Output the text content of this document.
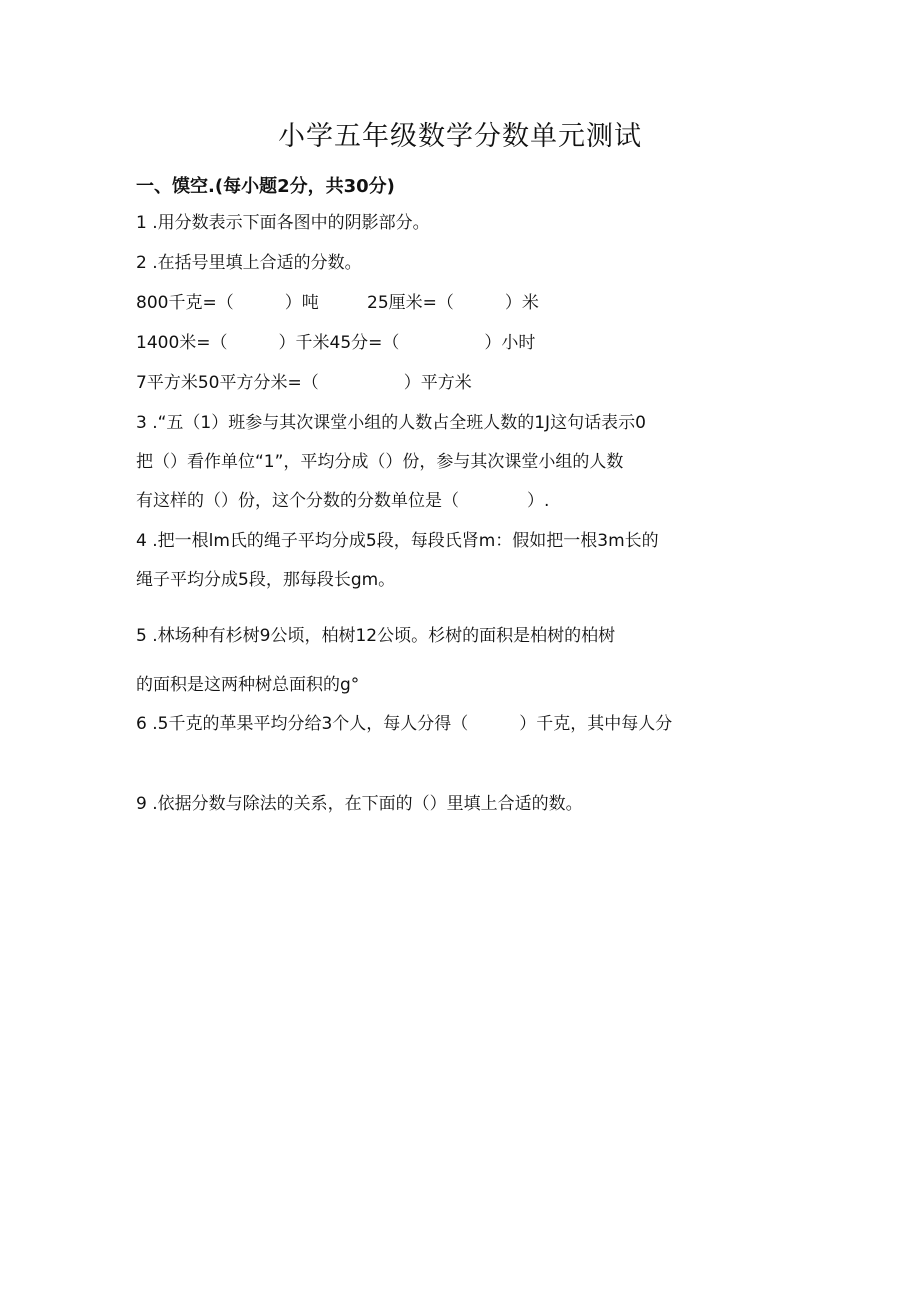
小学五年级数学分数单元测试
一、馍空.(每小题2分，共30分)
1 .用分数表示下面各图中的阴影部分。
2 .在括号里填上合适的分数。
800千克=（　　　）吨	25厘米=（　　　）米
1400米=（　　　）千米45分=（　　　　　）小时
7平方米50平方分米=（　　　　　）平方米
3 .“五（1）班参与其次课堂小组的人数占全班人数的1J这句话表示0
把（）看作单位“1”，平均分成（）份，参与其次课堂小组的人数
有这样的（）份，这个分数的分数单位是（　　　　）.
4 .把一根lm氏的绳子平均分成5段，每段氏肾m：假如把一根3m长的
绳子平均分成5段，那每段长gm。
5 .林场种有杉树9公顷，柏树12公顷。杉树的面积是柏树的柏树
的面积是这两种树总面积的g°
6 .5千克的革果平均分给3个人，每人分得（　　　）千克，其中每人分
9 .依据分数与除法的关系，在下面的（）里填上合适的数。
